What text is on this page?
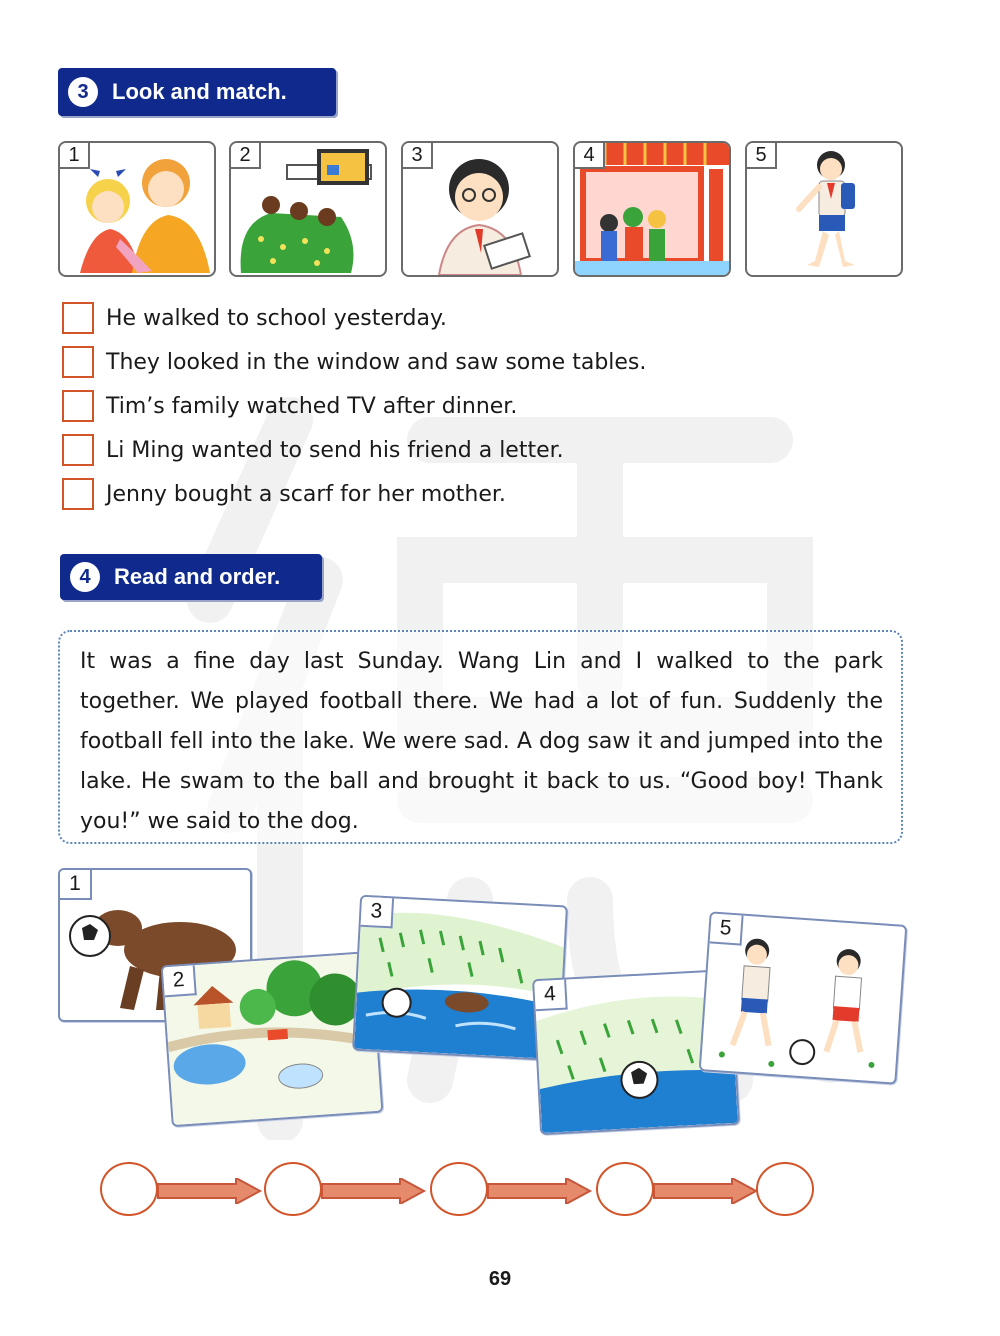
3	Look and match.
1	2	3	4	5
He walked to school yesterday.
They looked in the window and saw some tables.
Tim’s family watched TV after dinner.
Li Ming wanted to send his friend a letter.
Jenny bought a scarf for her mother.
4	Read and order.
It was a fine day last Sunday. Wang Lin and I walked to the park together. We played football there. We had a lot of fun. Suddenly the football fell into the lake. We were sad. A dog saw it and jumped into the lake. He swam to the ball and brought it back to us. “Good boy! Thank you!” we said to the dog.
1
2
3
4
5
69
